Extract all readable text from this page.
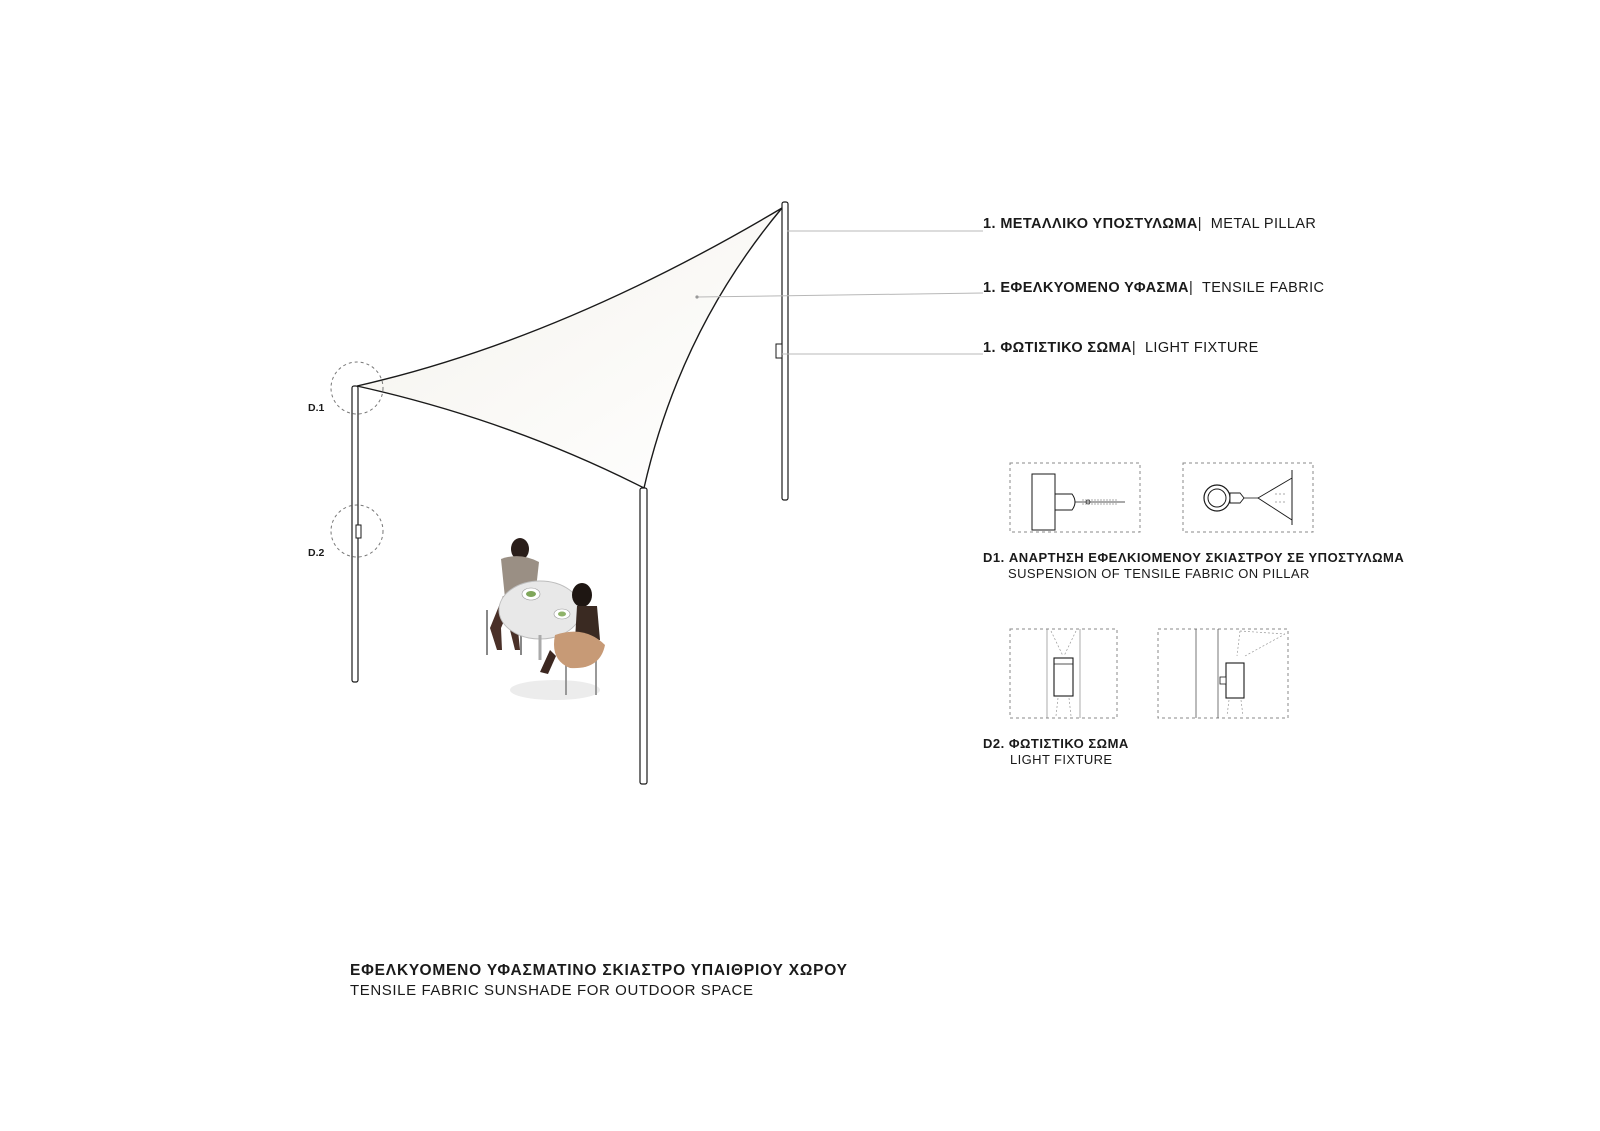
D.1
D.2
1. ΜΕΤΑΛΛΙΚΟ ΥΠΟΣΤΥΛΩΜΑ| METAL PILLAR
1. ΕΦΕΛΚΥΟΜΕΝΟ ΥΦΑΣΜΑ| TENSILE FABRIC
1. ΦΩΤΙΣΤΙΚΟ ΣΩΜΑ| LIGHT FIXTURE
D1. ΑΝΑΡΤΗΣΗ ΕΦΕΛΚΙΟΜΕΝΟΥ ΣΚΙΑΣΤΡΟΥ ΣΕ ΥΠΟΣΤΥΛΩΜΑ
SUSPENSION OF TENSILE FABRIC ON PILLAR
D2. ΦΩΤΙΣΤΙΚΟ ΣΩΜΑ
LIGHT FIXTURE
ΕΦΕΛΚΥΟΜΕΝΟ ΥΦΑΣΜΑΤΙΝΟ ΣΚΙΑΣΤΡΟ ΥΠΑΙΘΡΙΟΥ ΧΩΡΟΥ
TENSILE FABRIC SUNSHADE FOR OUTDOOR SPACE
